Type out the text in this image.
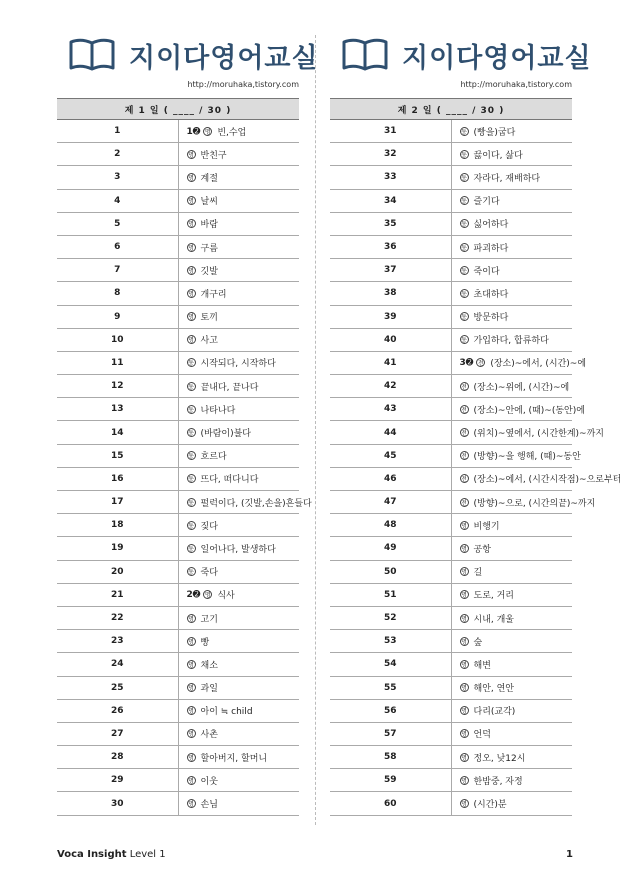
지이다영어교실
http://moruhaka,tistory.com
제 1 일 ( ____ / 30 )	
1	1➋ 명 빈,수업
2	명 반친구
3	명 계절
4	명 날씨
5	명 바람
6	명 구름
7	명 깃발
8	명 개구리
9	명 토끼
10	명 사고
11	동 시작되다, 시작하다
12	동 끝내다, 끝나다
13	동 나타나다
14	동 (바람이)불다
15	동 흐르다
16	동 뜨다, 떠다니다
17	동 펄럭이다, (깃발,손을)흔들다
18	동 짖다
19	동 일어나다, 발생하다
20	동 죽다
21	2➋ 명 식사
22	명 고기
23	명 빵
24	명 채소
25	명 과일
26	명 아이 ≒ child
27	명 사촌
28	명 할아버지, 할머니
29	명 이웃
30	명 손님
지이다영어교실
http://moruhaka,tistory.com
제 2 일 ( ____ / 30 )	
31	동 (빵을)굽다
32	동 끓이다, 삶다
33	동 자라다, 재배하다
34	동 즐기다
35	동 싫어하다
36	동 파괴하다
37	동 죽이다
38	동 초대하다
39	동 방문하다
40	동 가입하다, 합류하다
41	3➋ 전 (장소)~에서, (시간)~에
42	전 (장소)~위에, (시간)~에
43	전 (장소)~안에, (때)~(동안)에
44	전 (위치)~옆에서, (시간한계)~까지
45	전 (방향)~을 행해, (때)~동안
46	전 (장소)~에서, (시간시작점)~으로부터
47	전 (방향)~으로, (시간의끝)~까지
48	명 비행기
49	명 공항
50	명 길
51	명 도로, 거리
52	명 시내, 개울
53	명 숲
54	명 해변
55	명 해안, 연안
56	명 다리(교각)
57	명 언덕
58	명 정오, 낮12시
59	명 한밤중, 자정
60	명 (시간)분
Voca Insight Level 1	1
